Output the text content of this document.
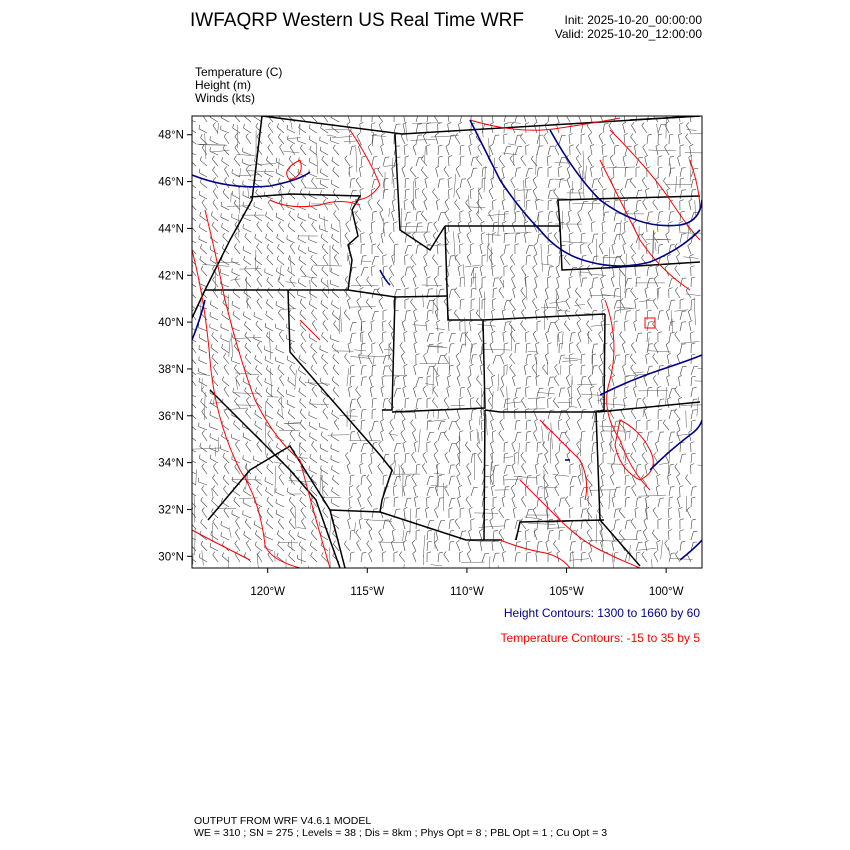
IWFAQRP Western US Real Time WRF	Init: 2025-10-20_00:00:00
Valid: 2025-10-20_12:00:00
Temperature (C)
Height (m)
Winds (kts)
48°N
46°N
44°N
42°N
40°N
38°N
36°N
34°N
32°N
30°N
120°W	115°W	110°W	105°W	100°W
Height Contours: 1300 to 1660 by 60
Temperature Contours: -15 to 35 by 5
OUTPUT FROM WRF V4.6.1 MODEL
WE = 310 ; SN = 275 ; Levels = 38 ; Dis = 8km ; Phys Opt = 8 ; PBL Opt = 1 ; Cu Opt = 3
